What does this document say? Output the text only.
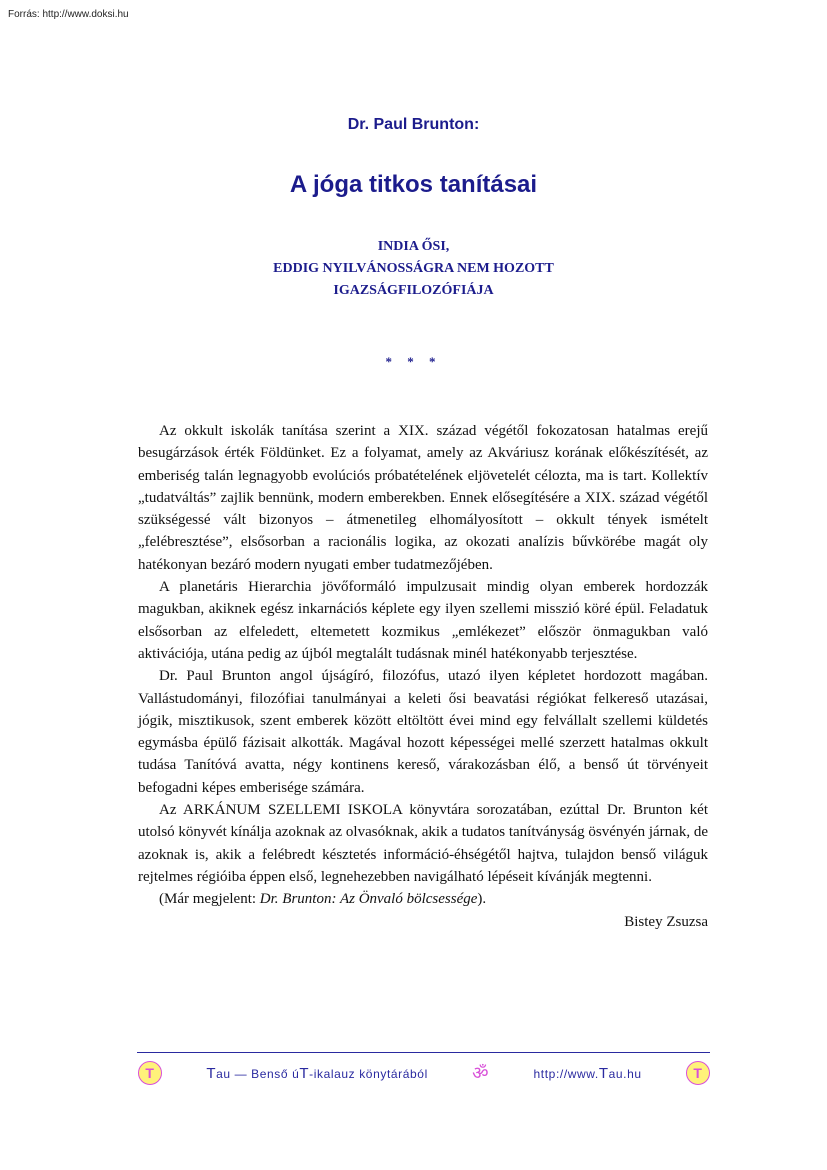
Forrás: http://www.doksi.hu
Dr. Paul Brunton:
A jóga titkos tanításai
INDIA ŐSI,
EDDIG NYILVÁNOSSÁGRA NEM HOZOTT
IGAZSÁGFILOZÓFIÁJA
* * *

Az okkult iskolák tanítása szerint a XIX. század végétől fokozatosan hatalmas erejű besugárzások érték Földünket. Ez a folyamat, amely az Akváriusz korának előkészítését, az emberiség talán legnagyobb evolúciós próbatételének eljövetelét célozta, ma is tart. Kollektív „tudatváltás” zajlik bennünk, modern emberekben. Ennek elősegítésére a XIX. század végétől szükségessé vált bizonyos – átmenetileg elhomályosított – okkult tények ismételt „felébresztése”, elsősorban a racionális logika, az okozati analízis bűvkörébe magát oly hatékonyan bezáró modern nyugati ember tudatmezőjében.

A planetáris Hierarchia jövőformáló impulzusait mindig olyan emberek hordozzák magukban, akiknek egész inkarnációs képlete egy ilyen szellemi misszió köré épül. Feladatuk elsősorban az elfeledett, eltemetett kozmikus „emlékezet” először önmagukban való aktivációja, utána pedig az újból megtalált tudásnak minél hatékonyabb terjesztése.

Dr. Paul Brunton angol újságíró, filozófus, utazó ilyen képletet hordozott magában. Vallástudományi, filozófiai tanulmányai a keleti ősi beavatási régiókat felkereső utazásai, jógik, misztikusok, szent emberek között eltöltött évei mind egy felvállalt szellemi küldetés egymásba épülő fázisait alkották. Magával hozott képességei mellé szerzett hatalmas okkult tudása Tanítóvá avatta, négy kontinens kereső, várakozásban élő, a benső út törvényeit befogadni képes emberisége számára.

Az ARKÁNUM SZELLEMI ISKOLA könyvtára sorozatában, ezúttal Dr. Brunton két utolsó könyvét kínálja azoknak az olvasóknak, akik a tudatos tanítványság ösvényén járnak, de azoknak is, akik a felébredt késztetés információ-éhségétől hajtva, tulajdon benső világuk rejtelmes régióiba éppen első, legnehezebben navigálható lépéseit kívánják megtenni.

(Már megjelent: Dr. Brunton: Az Önvaló bölcsessége).

Bistey Zsuzsa

T	Tau — Benső úT-ikalauz könytárából ॐ	http://www.Tau.hu	T
